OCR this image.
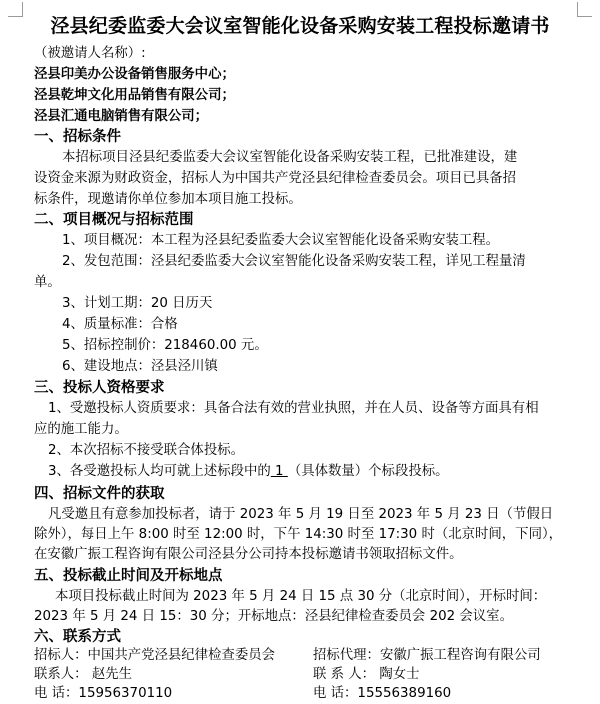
泾县纪委监委大会议室智能化设备采购安装工程投标邀请书
（被邀请人名称）:
泾县印美办公设备销售服务中心；
泾县乾坤文化用品销售有限公司；
泾县汇通电脑销售有限公司；
一、招标条件
本招标项目泾县纪委监委大会议室智能化设备采购安装工程，已批准建设，建
设资金来源为财政资金，招标人为中国共产党泾县纪律检查委员会。项目已具备招
标条件，现邀请你单位参加本项目施工投标。
二、项目概况与招标范围
1、项目概况：本工程为泾县纪委监委大会议室智能化设备采购安装工程。
2、发包范围：泾县纪委监委大会议室智能化设备采购安装工程，详见工程量清
单。
3、计划工期：20 日历天
4、质量标准：合格
5、招标控制价：218460.00 元。
6、建设地点：泾县泾川镇
三、投标人资格要求
1、受邀投标人资质要求：具备合法有效的营业执照，并在人员、设备等方面具有相
应的施工能力。
2、本次招标不接受联合体投标。
3、各受邀投标人均可就上述标段中的 1 （具体数量）个标段投标。
四、招标文件的获取
凡受邀且有意参加投标者，请于 2023 年 5 月 19 日至 2023 年 5 月 23 日（节假日
除外），每日上午 8:00 时至 12:00 时，下午 14:30 时至 17:30 时（北京时间，下同），
在安徽广振工程咨询有限公司泾县分公司持本投标邀请书领取招标文件。
五、投标截止时间及开标地点
本项目投标截止时间为 2023 年 5 月 24 日 15 点 30 分（北京时间），开标时间：
2023 年 5 月 24 日 15：30 分；开标地点：泾县纪律检查委员会 202 会议室。
六、联系方式
招标人：中国共产党泾县纪律检查委员会
联系人： 赵先生
电 话：15956370110
招标代理：安徽广振工程咨询有限公司
联 系 人： 陶女士
电 话：15556389160
